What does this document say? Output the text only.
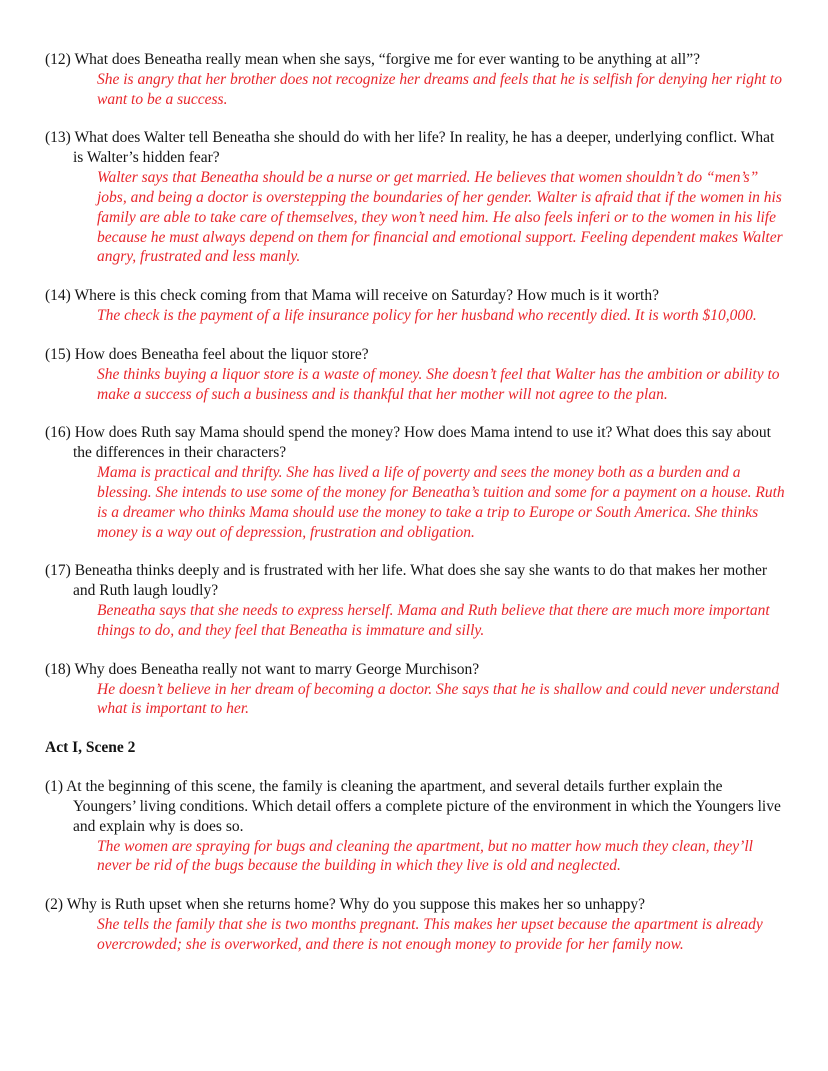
(12) What does Beneatha really mean when she says, “forgive me for ever wanting to be anything at all”?

She is angry that her brother does not recognize her dreams and feels that he is selfish for denying her right to want to be a success.

(13) What does Walter tell Beneatha she should do with her life? In reality, he has a deeper, underlying conflict. What is Walter’s hidden fear?

Walter says that Beneatha should be a nurse or get married. He believes that women shouldn’t do “men’s” jobs, and being a doctor is overstepping the boundaries of her gender. Walter is afraid that if the women in his family are able to take care of themselves, they won’t need him. He also feels inferi or to the women in his life because he must always depend on them for financial and emotional support. Feeling dependent makes Walter angry, frustrated and less manly.

(14) Where is this check coming from that Mama will receive on Saturday? How much is it worth?

The check is the payment of a life insurance policy for her husband who recently died. It is worth $10,000.

(15) How does Beneatha feel about the liquor store?

She thinks buying a liquor store is a waste of money. She doesn’t feel that Walter has the ambition or ability to make a success of such a business and is thankful that her mother will not agree to the plan.

(16) How does Ruth say Mama should spend the money? How does Mama intend to use it? What does this say about the differences in their characters?

Mama is practical and thrifty. She has lived a life of poverty and sees the money both as a burden and a blessing. She intends to use some of the money for Beneatha’s tuition and some for a payment on a house. Ruth is a dreamer who thinks Mama should use the money to take a trip to Europe or South America. She thinks money is a way out of depression, frustration and obligation.

(17) Beneatha thinks deeply and is frustrated with her life. What does she say she wants to do that makes her mother and Ruth laugh loudly?

Beneatha says that she needs to express herself. Mama and Ruth believe that there are much more important things to do, and they feel that Beneatha is immature and silly.

(18) Why does Beneatha really not want to marry George Murchison?

He doesn’t believe in her dream of becoming a doctor. She says that he is shallow and could never understand what is important to her.

Act I, Scene 2

(1) At the beginning of this scene, the family is cleaning the apartment, and several details further explain the Youngers’ living conditions. Which detail offers a complete picture of the environment in which the Youngers live and explain why is does so.

The women are spraying for bugs and cleaning the apartment, but no matter how much they clean, they’ll never be rid of the bugs because the building in which they live is old and neglected.

(2) Why is Ruth upset when she returns home? Why do you suppose this makes her so unhappy?

She tells the family that she is two months pregnant. This makes her upset because the apartment is already overcrowded; she is overworked, and there is not enough money to provide for her family now.
